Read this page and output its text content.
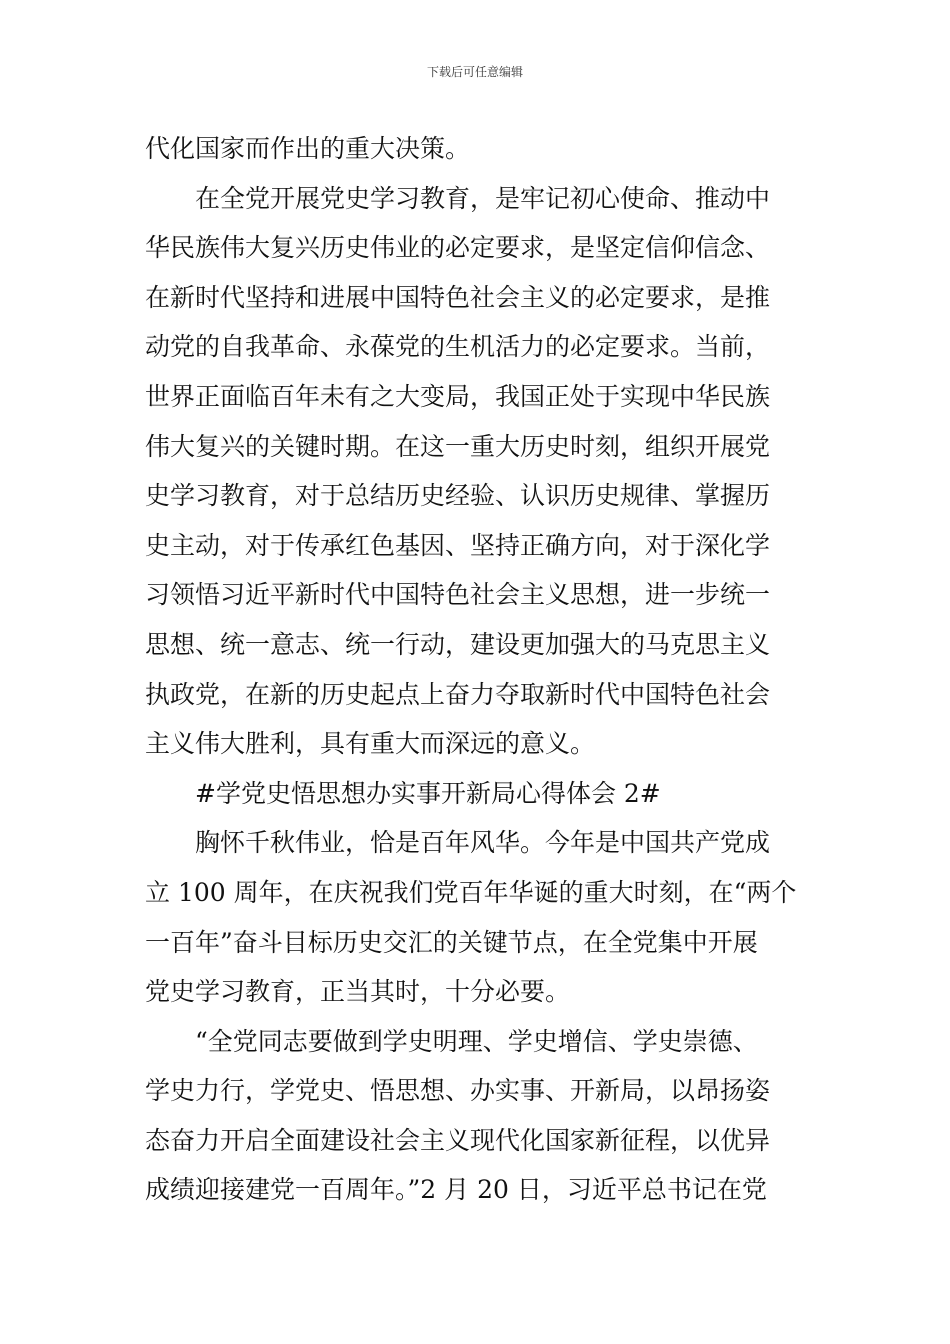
下载后可任意编辑
代化国家而作出的重大决策。
在全党开展党史学习教育，是牢记初心使命、推动中
华民族伟大复兴历史伟业的必定要求，是坚定信仰信念、
在新时代坚持和进展中国特色社会主义的必定要求，是推
动党的自我革命、永葆党的生机活力的必定要求。当前，
世界正面临百年未有之大变局，我国正处于实现中华民族
伟大复兴的关键时期。在这一重大历史时刻，组织开展党
史学习教育，对于总结历史经验、认识历史规律、掌握历
史主动，对于传承红色基因、坚持正确方向，对于深化学
习领悟习近平新时代中国特色社会主义思想，进一步统一
思想、统一意志、统一行动，建设更加强大的马克思主义
执政党，在新的历史起点上奋力夺取新时代中国特色社会
主义伟大胜利，具有重大而深远的意义。
#学党史悟思想办实事开新局心得体会 2#
胸怀千秋伟业，恰是百年风华。今年是中国共产党成
立 100 周年，在庆祝我们党百年华诞的重大时刻，在“两个
一百年”奋斗目标历史交汇的关键节点，在全党集中开展
党史学习教育，正当其时，十分必要。
“全党同志要做到学史明理、学史增信、学史崇德、
学史力行，学党史、悟思想、办实事、开新局，以昂扬姿
态奋力开启全面建设社会主义现代化国家新征程，以优异
成绩迎接建党一百周年。”2 月 20 日，习近平总书记在党
